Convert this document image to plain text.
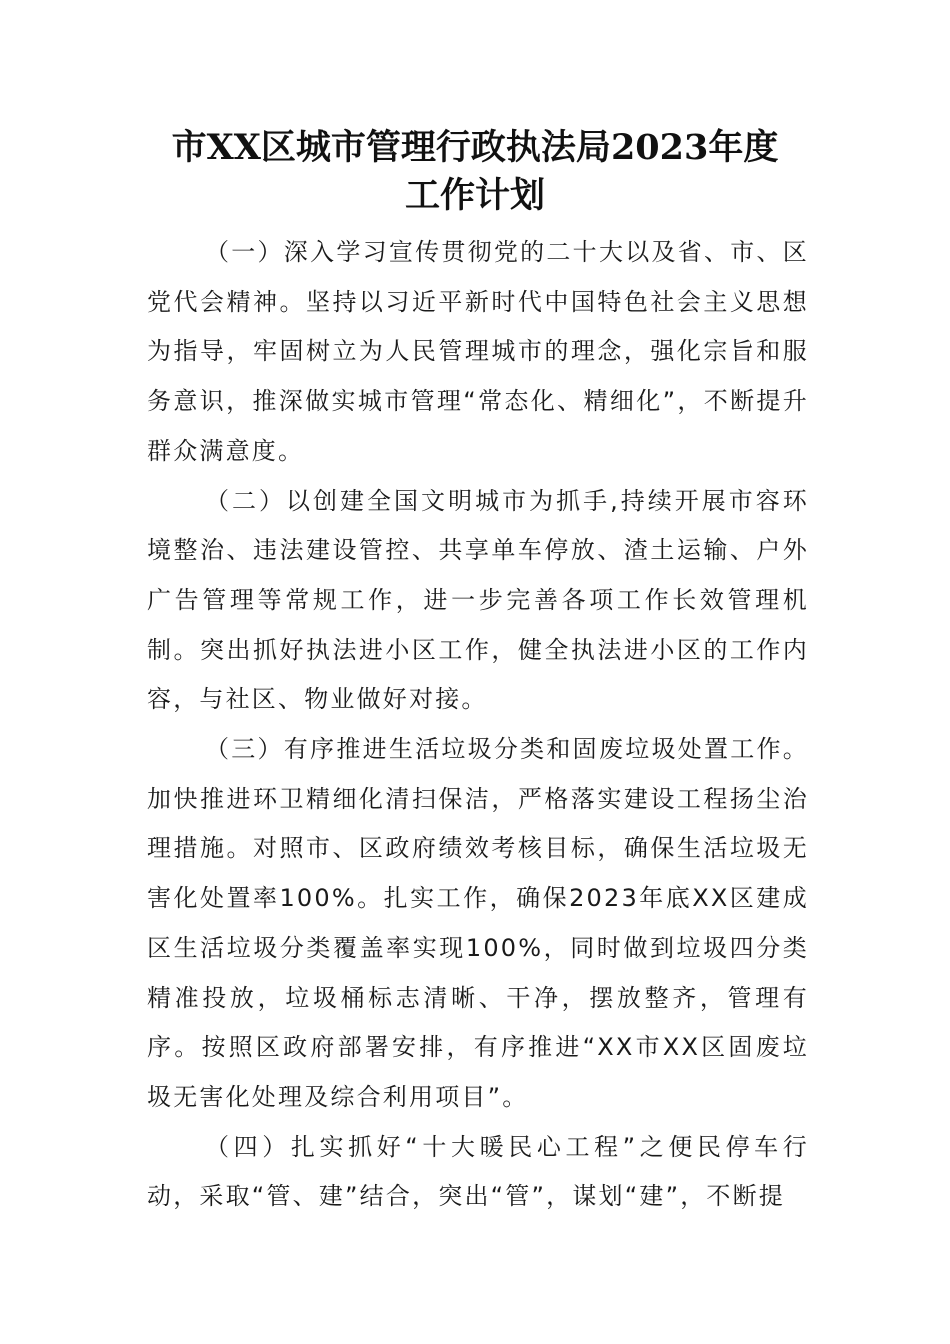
市XX区城市管理行政执法局2023年度
工作计划

（一）深入学习宣传贯彻党的二十大以及省、市、区党代会精神。坚持以习近平新时代中国特色社会主义思想为指导，牢固树立为人民管理城市的理念，强化宗旨和服务意识，推深做实城市管理“常态化、精细化”，不断提升群众满意度。

（二）以创建全国文明城市为抓手,持续开展市容环境整治、违法建设管控、共享单车停放、渣土运输、户外广告管理等常规工作，进一步完善各项工作长效管理机制。突出抓好执法进小区工作，健全执法进小区的工作内容，与社区、物业做好对接。

（三）有序推进生活垃圾分类和固废垃圾处置工作。加快推进环卫精细化清扫保洁，严格落实建设工程扬尘治理措施。对照市、区政府绩效考核目标，确保生活垃圾无害化处置率100%。扎实工作，确保2023年底XX区建成区生活垃圾分类覆盖率实现100%，同时做到垃圾四分类精准投放，垃圾桶标志清晰、干净，摆放整齐，管理有序。按照区政府部署安排，有序推进“XX市XX区固废垃圾无害化处理及综合利用项目”。

（四）扎实抓好“十大暖民心工程”之便民停车行动，采取“管、建”结合，突出“管”，谋划“建”，不断提
